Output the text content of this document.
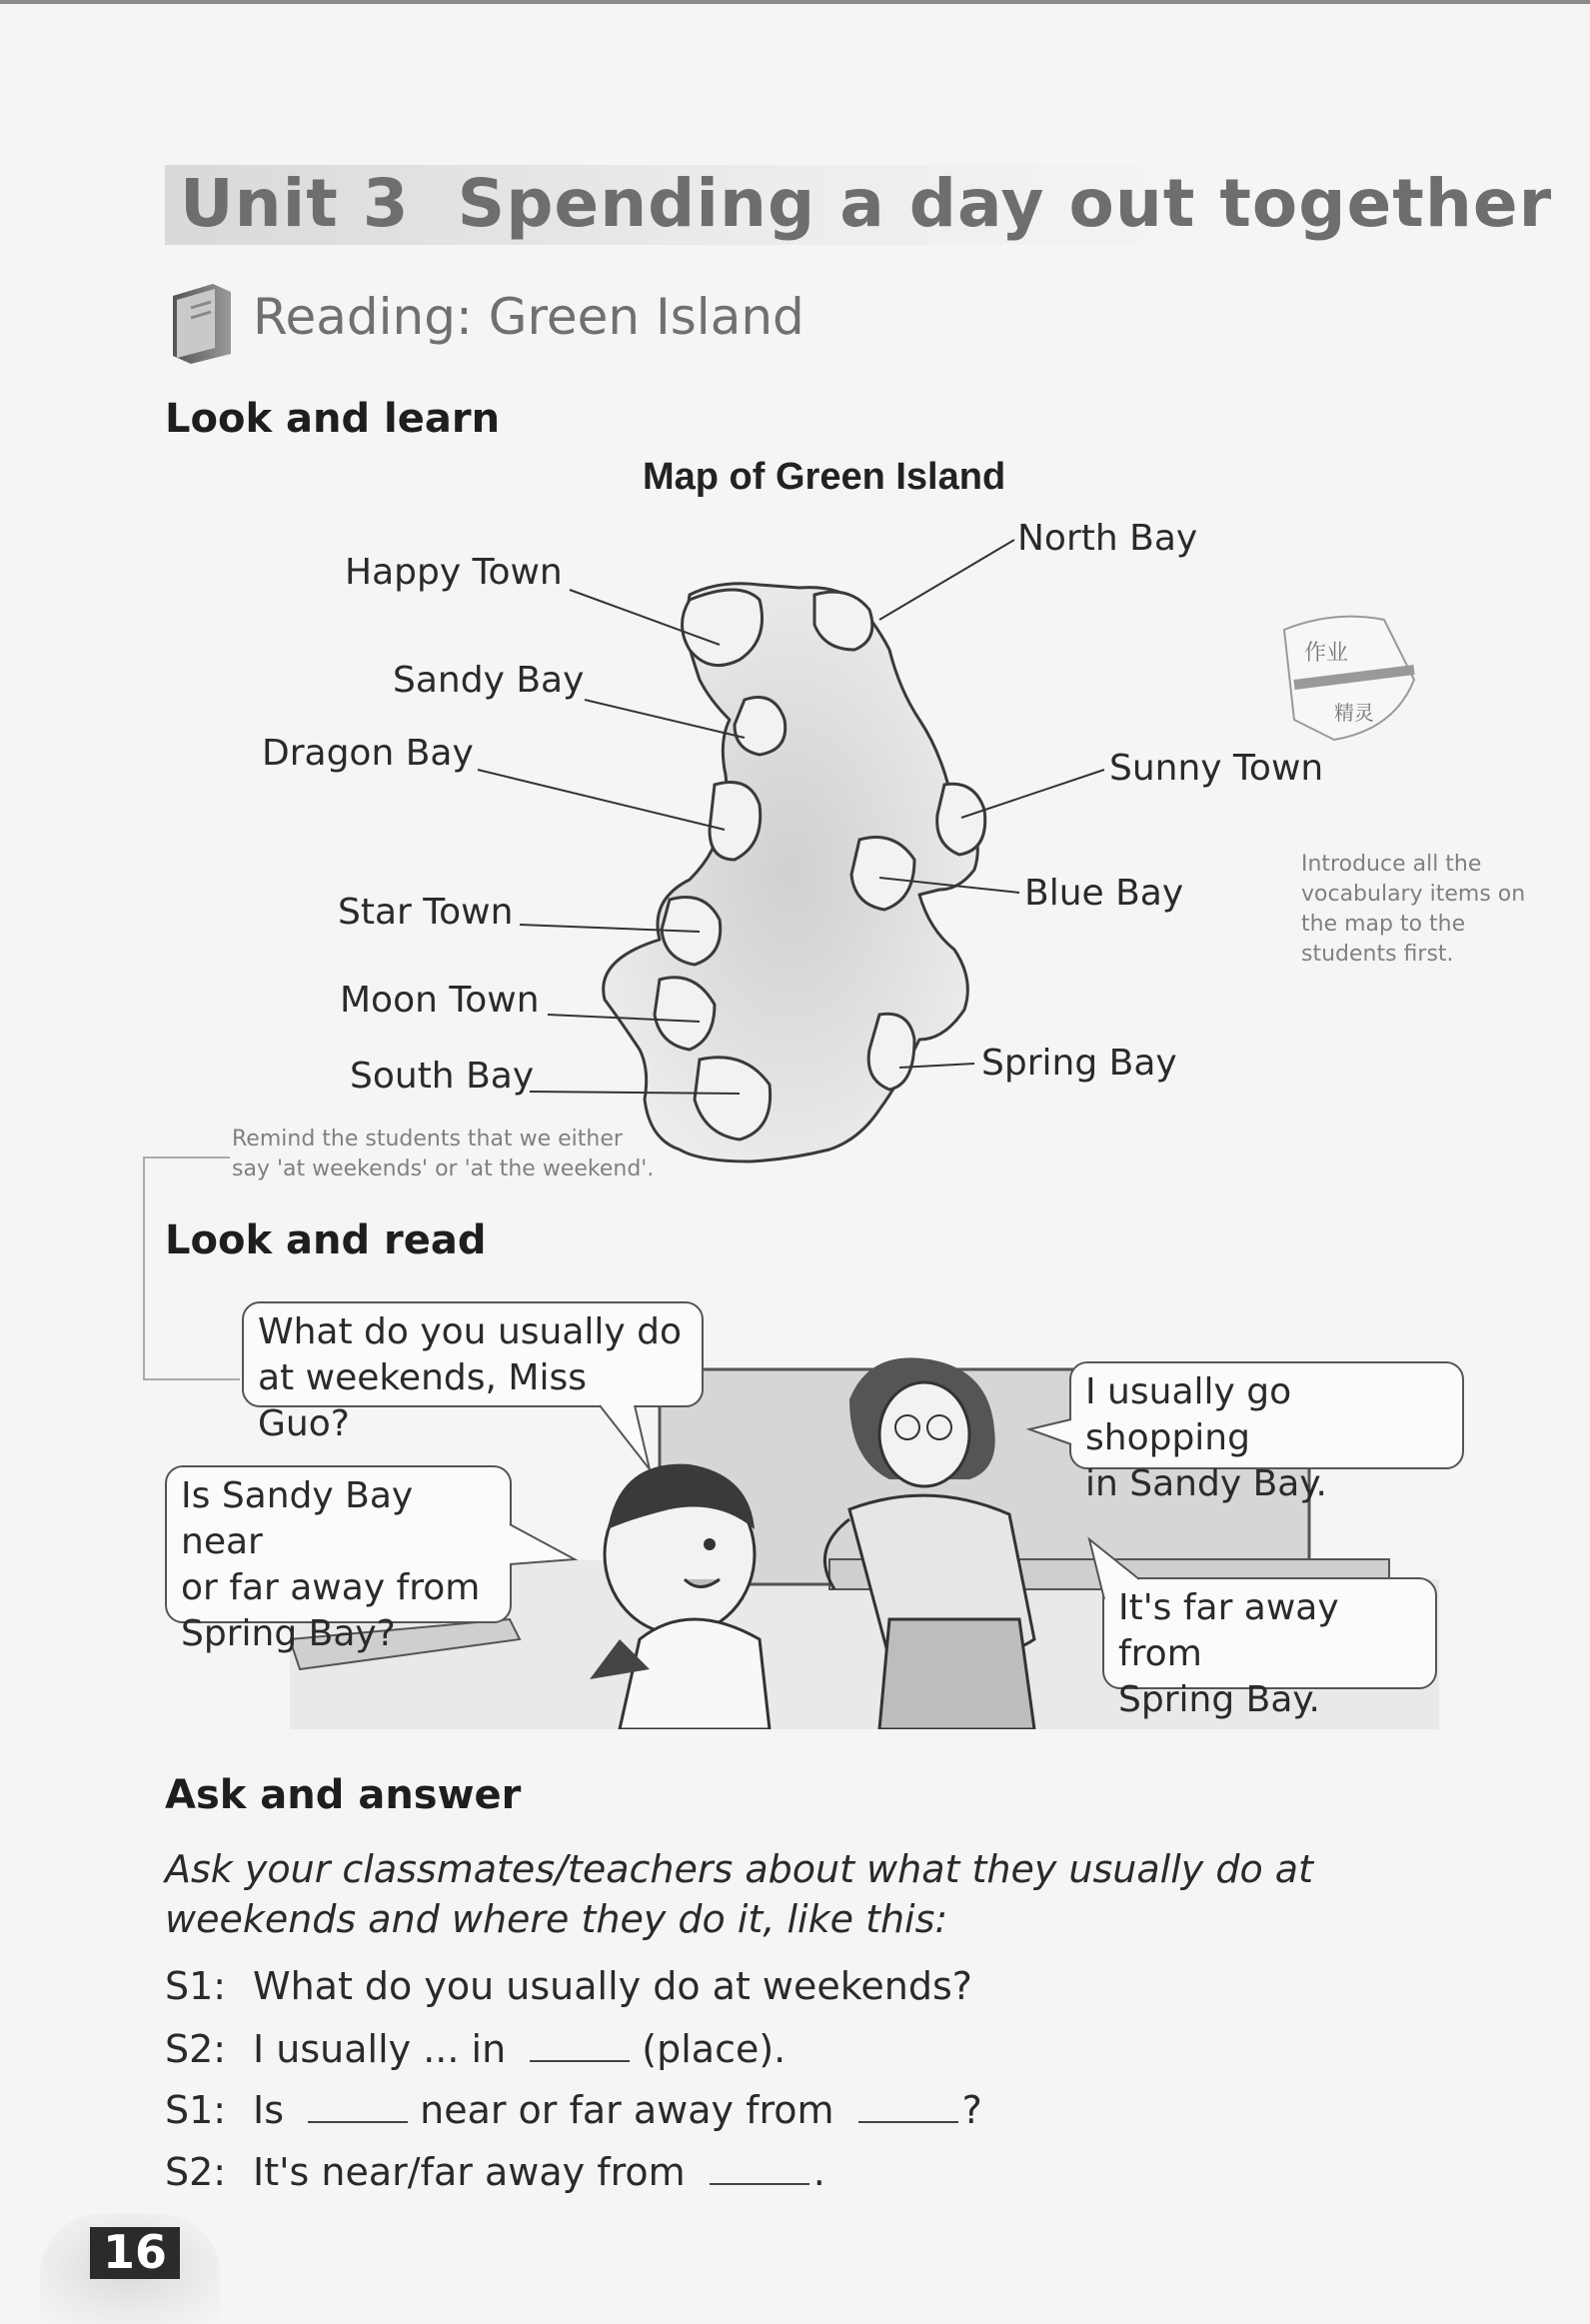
Unit 3 Spending a day out together
Reading: Green Island
Look and learn
Map of Green Island
North Bay
Happy Town
Sandy Bay
Dragon Bay	Sunny Town
Blue Bay
Star Town
Moon Town
Spring Bay
South Bay
作业
精灵
Introduce all the
vocabulary items on
the map to the
students first.
Remind the students that we either
say 'at weekends' or 'at the weekend'.
Look and read
What do you usually do
at weekends, Miss Guo?
I usually go shopping
in Sandy Bay.
Is Sandy Bay near
or far away from
Spring Bay?
It's far away from
Spring Bay.
Ask and answer
Ask your classmates/teachers about what they usually do at weekends and where they do it, like this:
S1: What do you usually do at weekends?
S2: I usually ... in	(place).
S1: Is	near or far away from	?
S2: It's near/far away from	.
16
